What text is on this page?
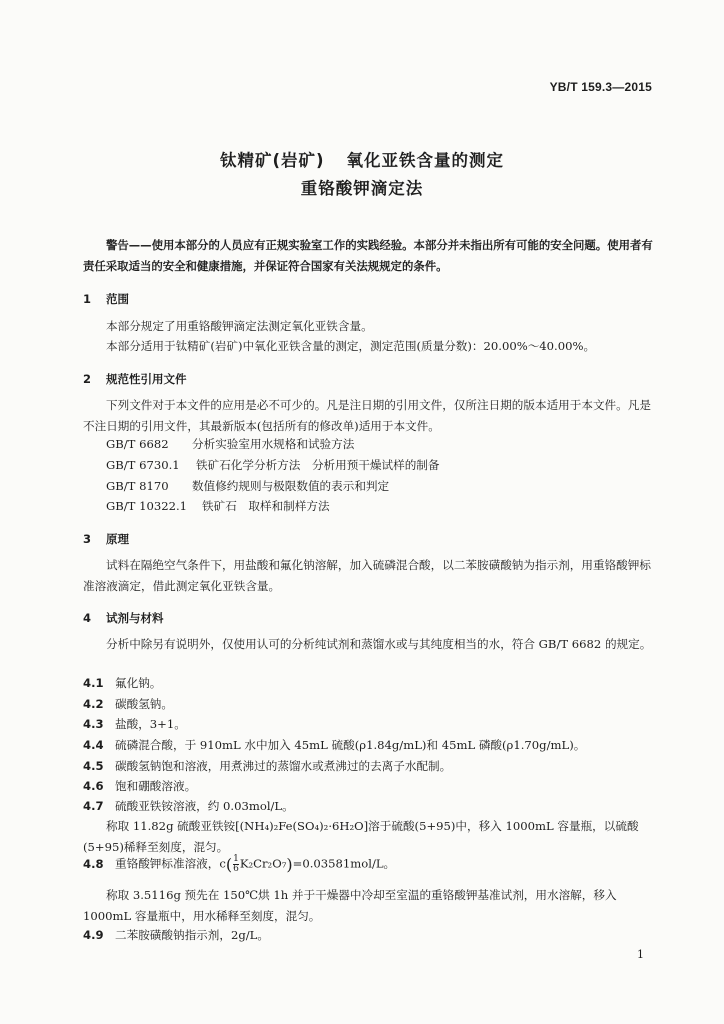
YB/T 159.3—2015
钛精矿(岩矿) 氧化亚铁含量的测定
重铬酸钾滴定法
警告——使用本部分的人员应有正规实验室工作的实践经验。本部分并未指出所有可能的安全问题。使用者有责任采取适当的安全和健康措施，并保证符合国家有关法规规定的条件。
1 范围
本部分规定了用重铬酸钾滴定法测定氧化亚铁含量。
本部分适用于钛精矿(岩矿)中氧化亚铁含量的测定，测定范围(质量分数)：20.00%～40.00%。
2 规范性引用文件
下列文件对于本文件的应用是必不可少的。凡是注日期的引用文件，仅所注日期的版本适用于本文件。凡是不注日期的引用文件，其最新版本(包括所有的修改单)适用于本文件。
GB/T 6682 分析实验室用水规格和试验方法
GB/T 6730.1 铁矿石化学分析方法　分析用预干燥试样的制备
GB/T 8170 数值修约规则与极限数值的表示和判定
GB/T 10322.1 铁矿石　取样和制样方法
3 原理
试料在隔绝空气条件下，用盐酸和氟化钠溶解，加入硫磷混合酸，以二苯胺磺酸钠为指示剂，用重铬酸钾标准溶液滴定，借此测定氧化亚铁含量。
4 试剂与材料
分析中除另有说明外，仅使用认可的分析纯试剂和蒸馏水或与其纯度相当的水，符合 GB/T 6682 的规定。
4.1 氟化钠。
4.2 碳酸氢钠。
4.3 盐酸，3+1。
4.4 硫磷混合酸，于 910mL 水中加入 45mL 硫酸(ρ1.84g/mL)和 45mL 磷酸(ρ1.70g/mL)。
4.5 碳酸氢钠饱和溶液，用煮沸过的蒸馏水或煮沸过的去离子水配制。
4.6 饱和硼酸溶液。
4.7 硫酸亚铁铵溶液，约 0.03mol/L。
称取 11.82g 硫酸亚铁铵[(NH₄)₂Fe(SO₄)₂·6H₂O]溶于硫酸(5+95)中，移入 1000mL 容量瓶，以硫酸(5+95)稀释至刻度，混匀。
4.8 重铬酸钾标准溶液，$c( \frac{1}{6} K_2Cr_2O_7)=0.03581mol/L$。
称取 3.5116g 预先在 150℃烘 1h 并于干燥器中冷却至室温的重铬酸钾基准试剂，用水溶解，移入 1000mL 容量瓶中，用水稀释至刻度，混匀。
4.9 二苯胺磺酸钠指示剂，2g/L。
1
